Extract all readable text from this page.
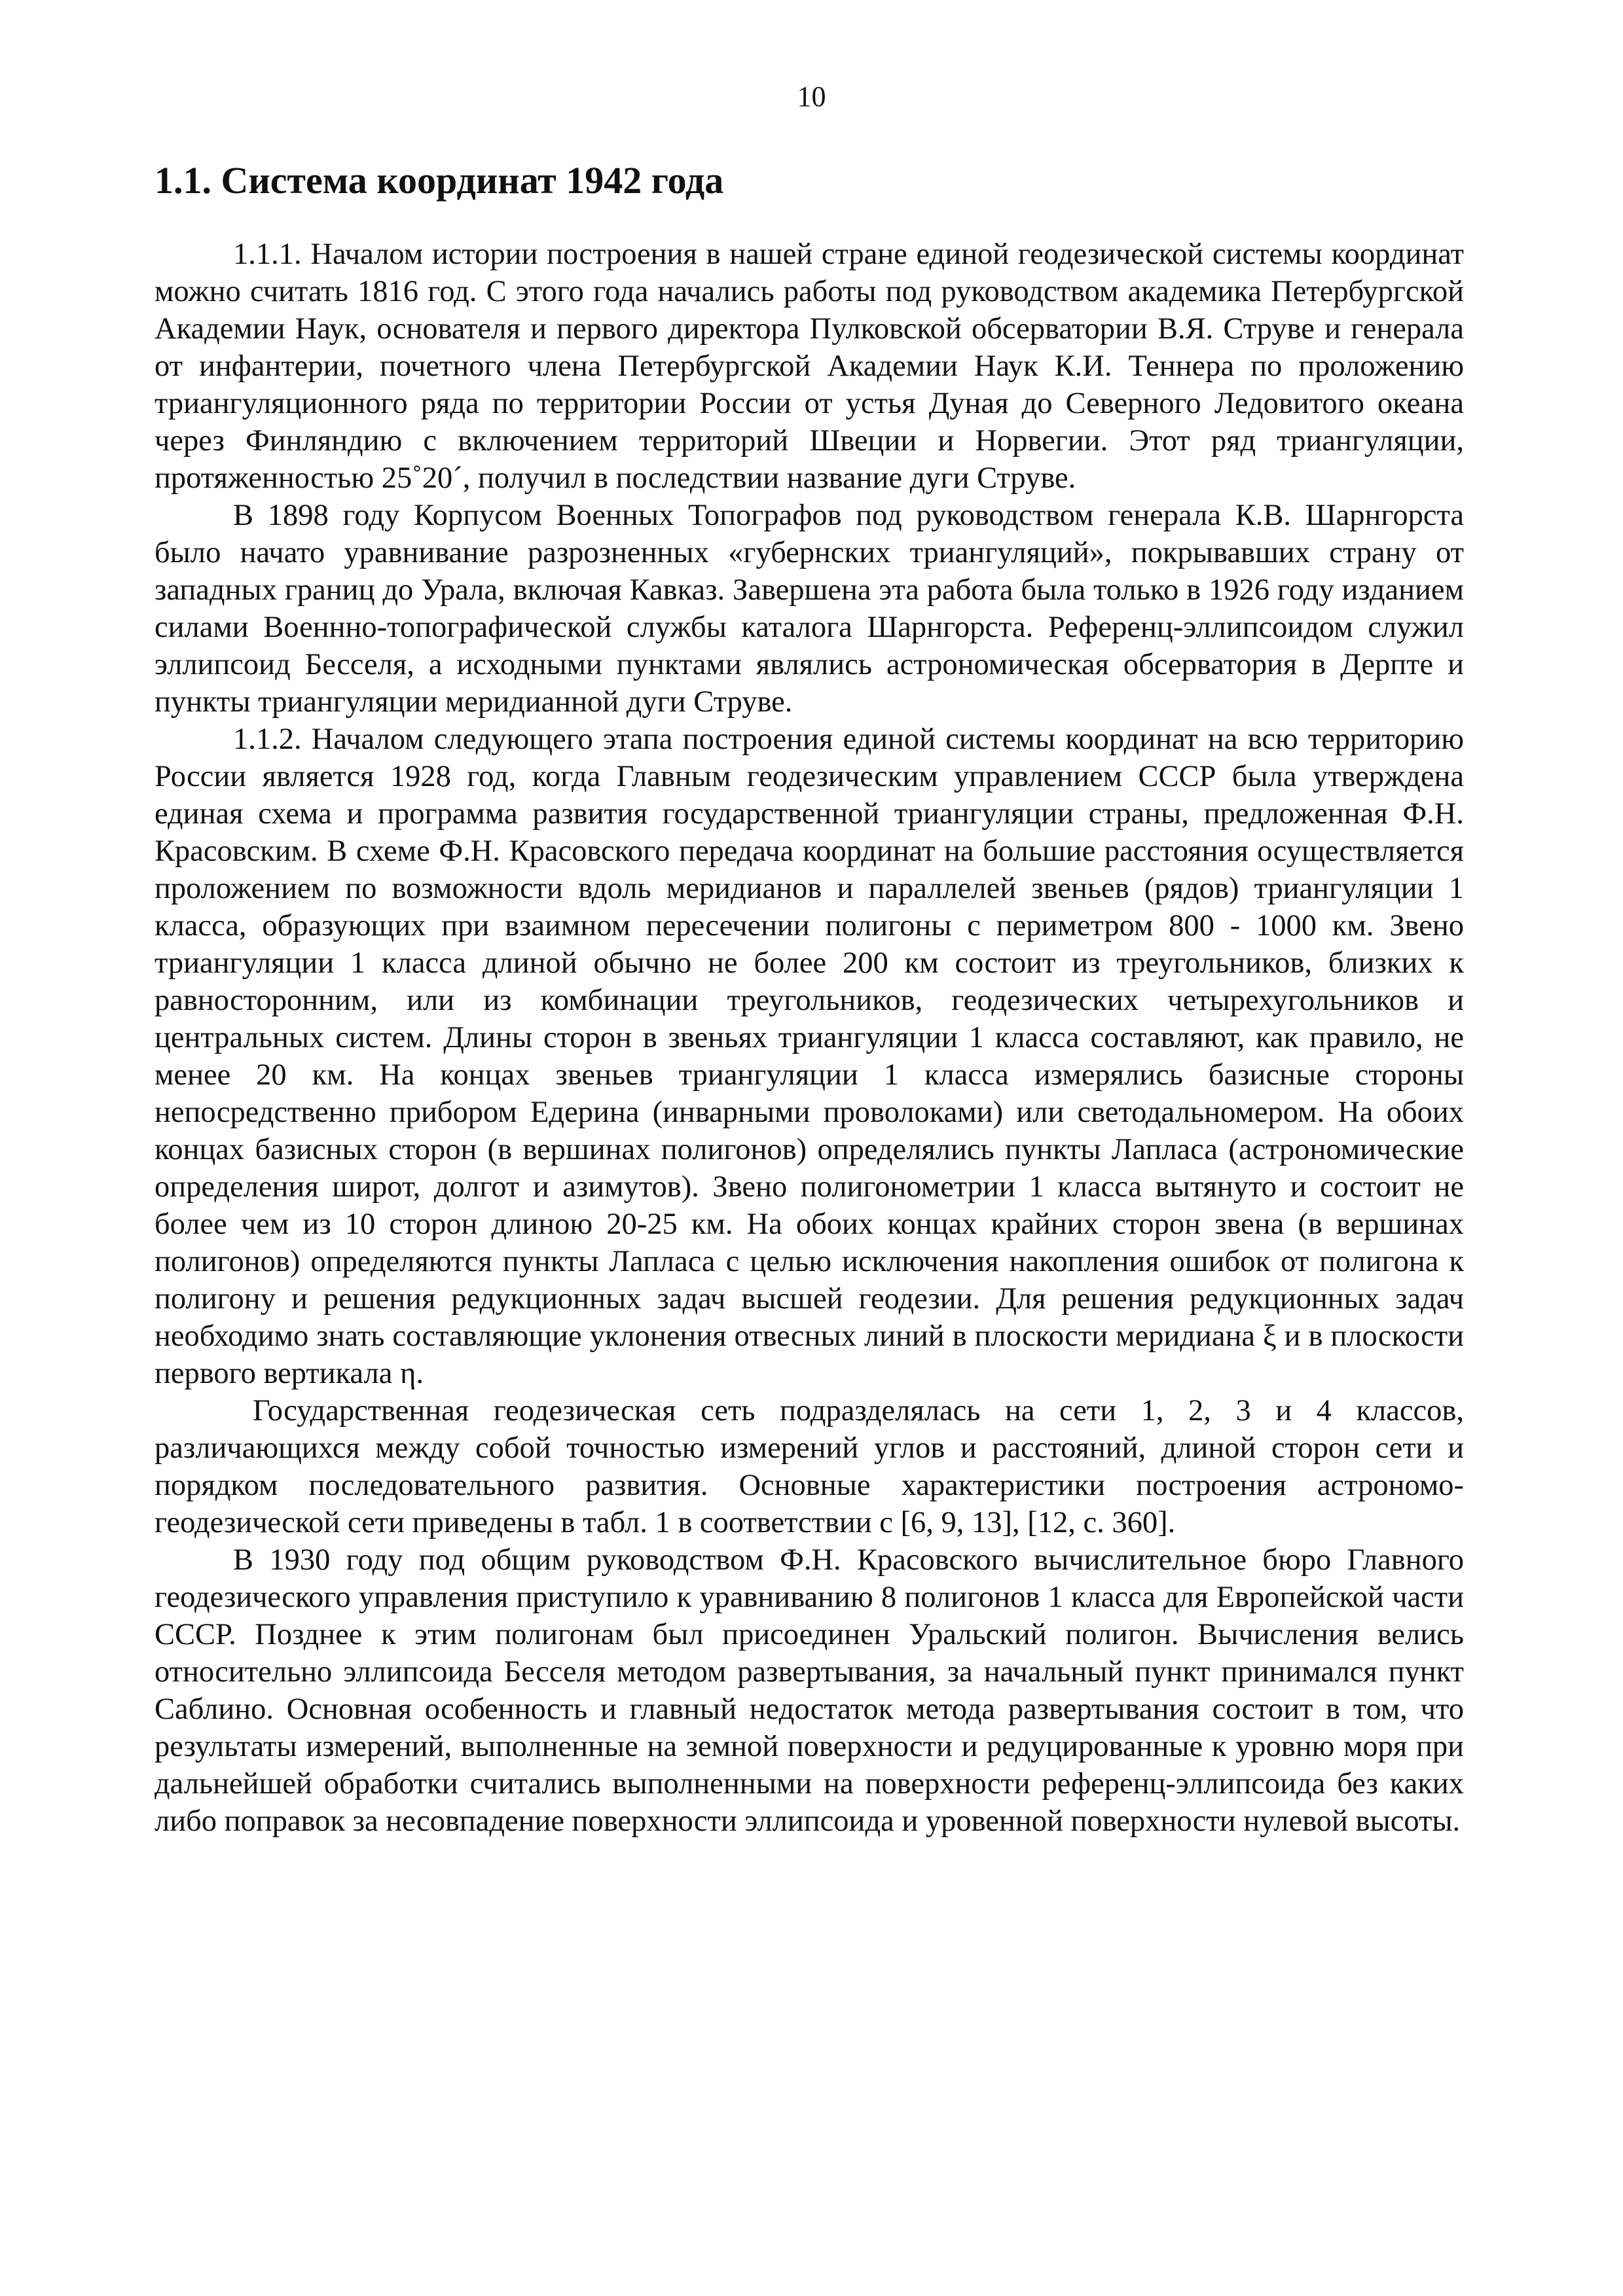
10

1.1. Система координат 1942 года

1.1.1. Началом истории построения в нашей стране единой геодезической системы координат можно считать 1816 год. С этого года начались работы под руководством академика Петербургской Академии Наук, основателя и первого директора Пулковской обсерватории В.Я. Струве и генерала от инфантерии, почетного члена Петербургской Академии Наук К.И. Теннера по проложению триангуляционного ряда по территории России от устья Дуная до Северного Ледовитого океана через Финляндию с включением территорий Швеции и Норвегии. Этот ряд триангуляции, протяженностью 25˚20´, получил в последствии название дуги Струве.

В 1898 году Корпусом Военных Топографов под руководством генерала К.В. Шарнгорста было начато уравнивание разрозненных «губернских триангуляций», покрывавших страну от западных границ до Урала, включая Кавказ. Завершена эта работа была только в 1926 году изданием силами Военнно-топографической службы каталога Шарнгорста. Референц-эллипсоидом служил эллипсоид Бесселя, а исходными пунктами являлись астрономическая обсерватория в Дерпте и пункты триангуляции меридианной дуги Струве.

1.1.2. Началом следующего этапа построения единой системы координат на всю территорию России является 1928 год, когда Главным геодезическим управлением СССР была утверждена единая схема и программа развития государственной триангуляции страны, предложенная Ф.Н. Красовским. В схеме Ф.Н. Красовского передача координат на большие расстояния осуществляется проложением по возможности вдоль меридианов и параллелей звеньев (рядов) триангуляции 1 класса, образующих при взаимном пересечении полигоны с периметром 800 - 1000 км. Звено триангуляции 1 класса длиной обычно не более 200 км состоит из треугольников, близких к равносторонним, или из комбинации треугольников, геодезических четырехугольников и центральных систем. Длины сторон в звеньях триангуляции 1 класса составляют, как правило, не менее 20 км. На концах звеньев триангуляции 1 класса измерялись базисные стороны непосредственно прибором Едерина (инварными проволоками) или светодальномером. На обоих концах базисных сторон (в вершинах полигонов) определялись пункты Лапласа (астрономические определения широт, долгот и азимутов). Звено полигонометрии 1 класса вытянуто и состоит не более чем из 10 сторон длиною 20-25 км. На обоих концах крайних сторон звена (в вершинах полигонов) определяются пункты Лапласа с целью исключения накопления ошибок от полигона к полигону и решения редукционных задач высшей геодезии. Для решения редукционных задач необходимо знать составляющие уклонения отвесных линий в плоскости меридиана ξ и в плоскости первого вертикала η.

Государственная геодезическая сеть подразделялась на сети 1, 2, 3 и 4 классов, различающихся между собой точностью измерений углов и расстояний, длиной сторон сети и порядком последовательного развития. Основные характеристики построения астрономо-геодезической сети приведены в табл. 1 в соответствии с [6, 9, 13], [12, с. 360].

В 1930 году под общим руководством Ф.Н. Красовского вычислительное бюро Главного геодезического управления приступило к уравниванию 8 полигонов 1 класса для Европейской части СССР. Позднее к этим полигонам был присоединен Уральский полигон. Вычисления велись относительно эллипсоида Бесселя методом развертывания, за начальный пункт принимался пункт Саблино. Основная особенность и главный недостаток метода развертывания состоит в том, что результаты измерений, выполненные на земной поверхности и редуцированные к уровню моря при дальнейшей обработки считались выполненными на поверхности референц-эллипсоида без каких либо поправок за несовпадение поверхности эллипсоида и уровенной поверхности нулевой высоты.
